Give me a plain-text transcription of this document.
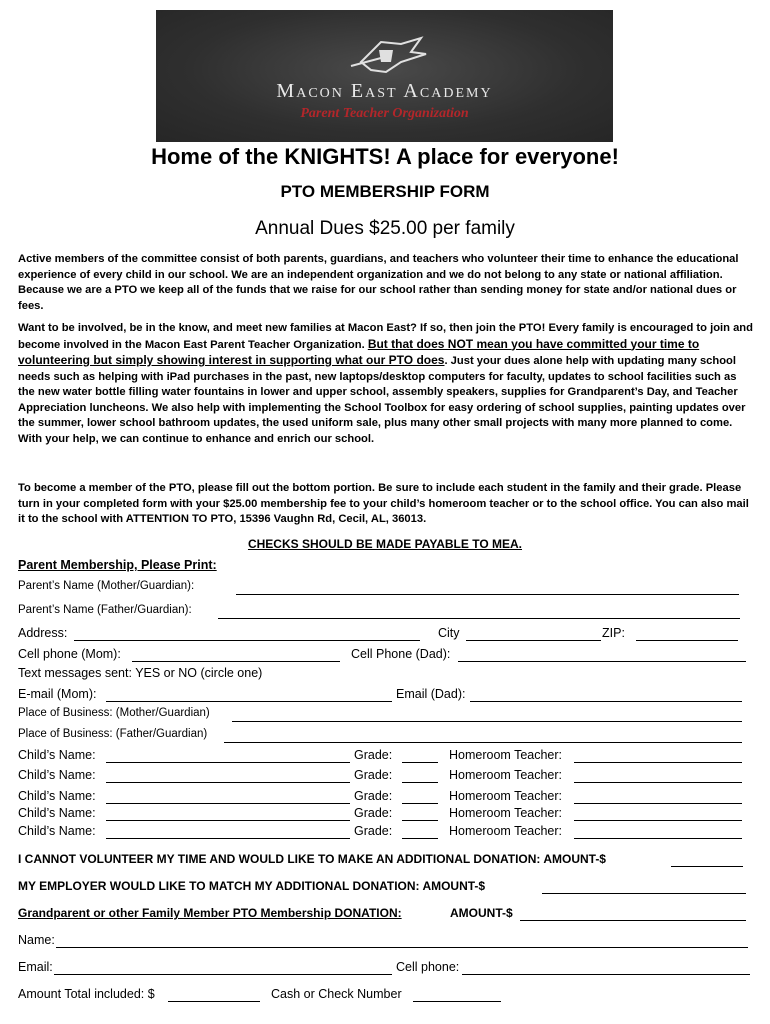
Macon East Academy
Parent Teacher Organization
Home of the KNIGHTS! A place for everyone!
PTO MEMBERSHIP FORM
Annual Dues $25.00 per family
Active members of the committee consist of both parents, guardians, and teachers who volunteer their time to enhance the educational experience of every child in our school. We are an independent organization and we do not belong to any state or national affiliation. Because we are a PTO we keep all of the funds that we raise for our school rather than sending money for state and/or national dues or fees.
Want to be involved, be in the know, and meet new families at Macon East? If so, then join the PTO! Every family is encouraged to join and become involved in the Macon East Parent Teacher Organization. But that does NOT mean you have committed your time to volunteering but simply showing interest in supporting what our PTO does. Just your dues alone help with updating many school needs such as helping with iPad purchases in the past, new laptops/desktop computers for faculty, updates to school facilities such as the new water bottle filling water fountains in lower and upper school, assembly speakers, supplies for Grandparent’s Day, and Teacher Appreciation luncheons. We also help with implementing the School Toolbox for easy ordering of school supplies, painting updates over the summer, lower school bathroom updates, the used uniform sale, plus many other small projects with many more planned to come. With your help, we can continue to enhance and enrich our school.
To become a member of the PTO, please fill out the bottom portion. Be sure to include each student in the family and their grade. Please turn in your completed form with your $25.00 membership fee to your child’s homeroom teacher or to the school office. You can also mail it to the school with ATTENTION TO PTO, 15396 Vaughn Rd, Cecil, AL, 36013.
CHECKS SHOULD BE MADE PAYABLE TO MEA.
Parent Membership, Please Print:
Parent’s Name (Mother/Guardian):
Parent’s Name (Father/Guardian):
Address:	City	ZIP:
Cell phone (Mom):	Cell Phone (Dad):
Text messages sent: YES or NO (circle one)
E-mail (Mom):	Email (Dad):
Place of Business: (Mother/Guardian)
Place of Business: (Father/Guardian)
Child’s Name:	Grade:	Homeroom Teacher:
Child’s Name:	Grade:	Homeroom Teacher:
Child’s Name:	Grade:	Homeroom Teacher:
Child’s Name:	Grade:	Homeroom Teacher:
Child’s Name:	Grade:	Homeroom Teacher:
I CANNOT VOLUNTEER MY TIME AND WOULD LIKE TO MAKE AN ADDITIONAL DONATION: AMOUNT-$
MY EMPLOYER WOULD LIKE TO MATCH MY ADDITIONAL DONATION: AMOUNT-$
Grandparent or other Family Member PTO Membership DONATION:	AMOUNT-$
Name:
Email:	Cell phone:
Amount Total included: $	Cash or Check Number
